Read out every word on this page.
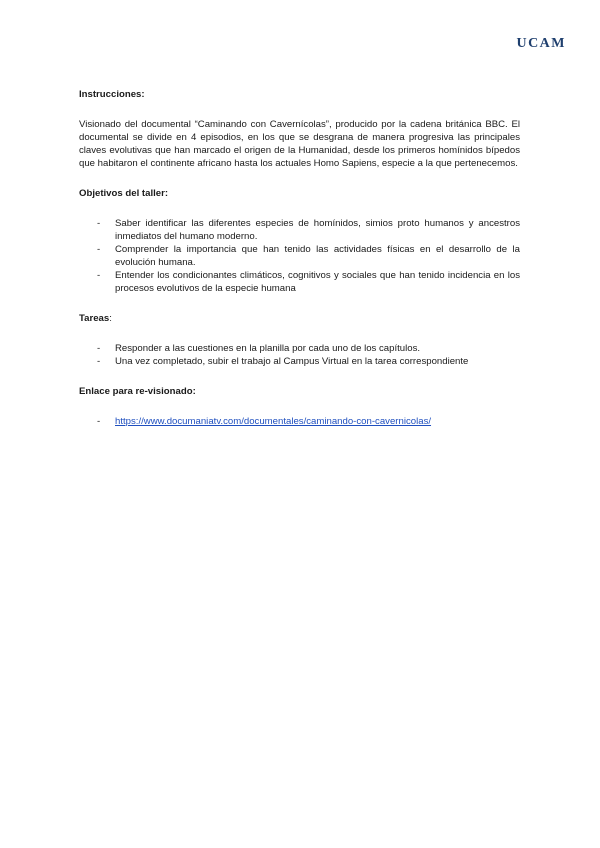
UCAM

Instrucciones:

Visionado del documental “Caminando con Cavernícolas”, producido por la cadena británica BBC. El documental se divide en 4 episodios, en los que se desgrana de manera progresiva las principales claves evolutivas que han marcado el origen de la Humanidad, desde los primeros homínidos bípedos que habitaron el continente africano hasta los actuales Homo Sapiens, especie a la que pertenecemos.

Objetivos del taller:

- Saber identificar las diferentes especies de homínidos, simios proto humanos y ancestros inmediatos del humano moderno.
- Comprender la importancia que han tenido las actividades físicas en el desarrollo de la evolución humana.
- Entender los condicionantes climáticos, cognitivos y sociales que han tenido incidencia en los procesos evolutivos de la especie humana

Tareas:

- Responder a las cuestiones en la planilla por cada uno de los capítulos.
- Una vez completado, subir el trabajo al Campus Virtual en la tarea correspondiente

Enlace para re-visionado:

- https://www.documaniatv.com/documentales/caminando-con-cavernicolas/
